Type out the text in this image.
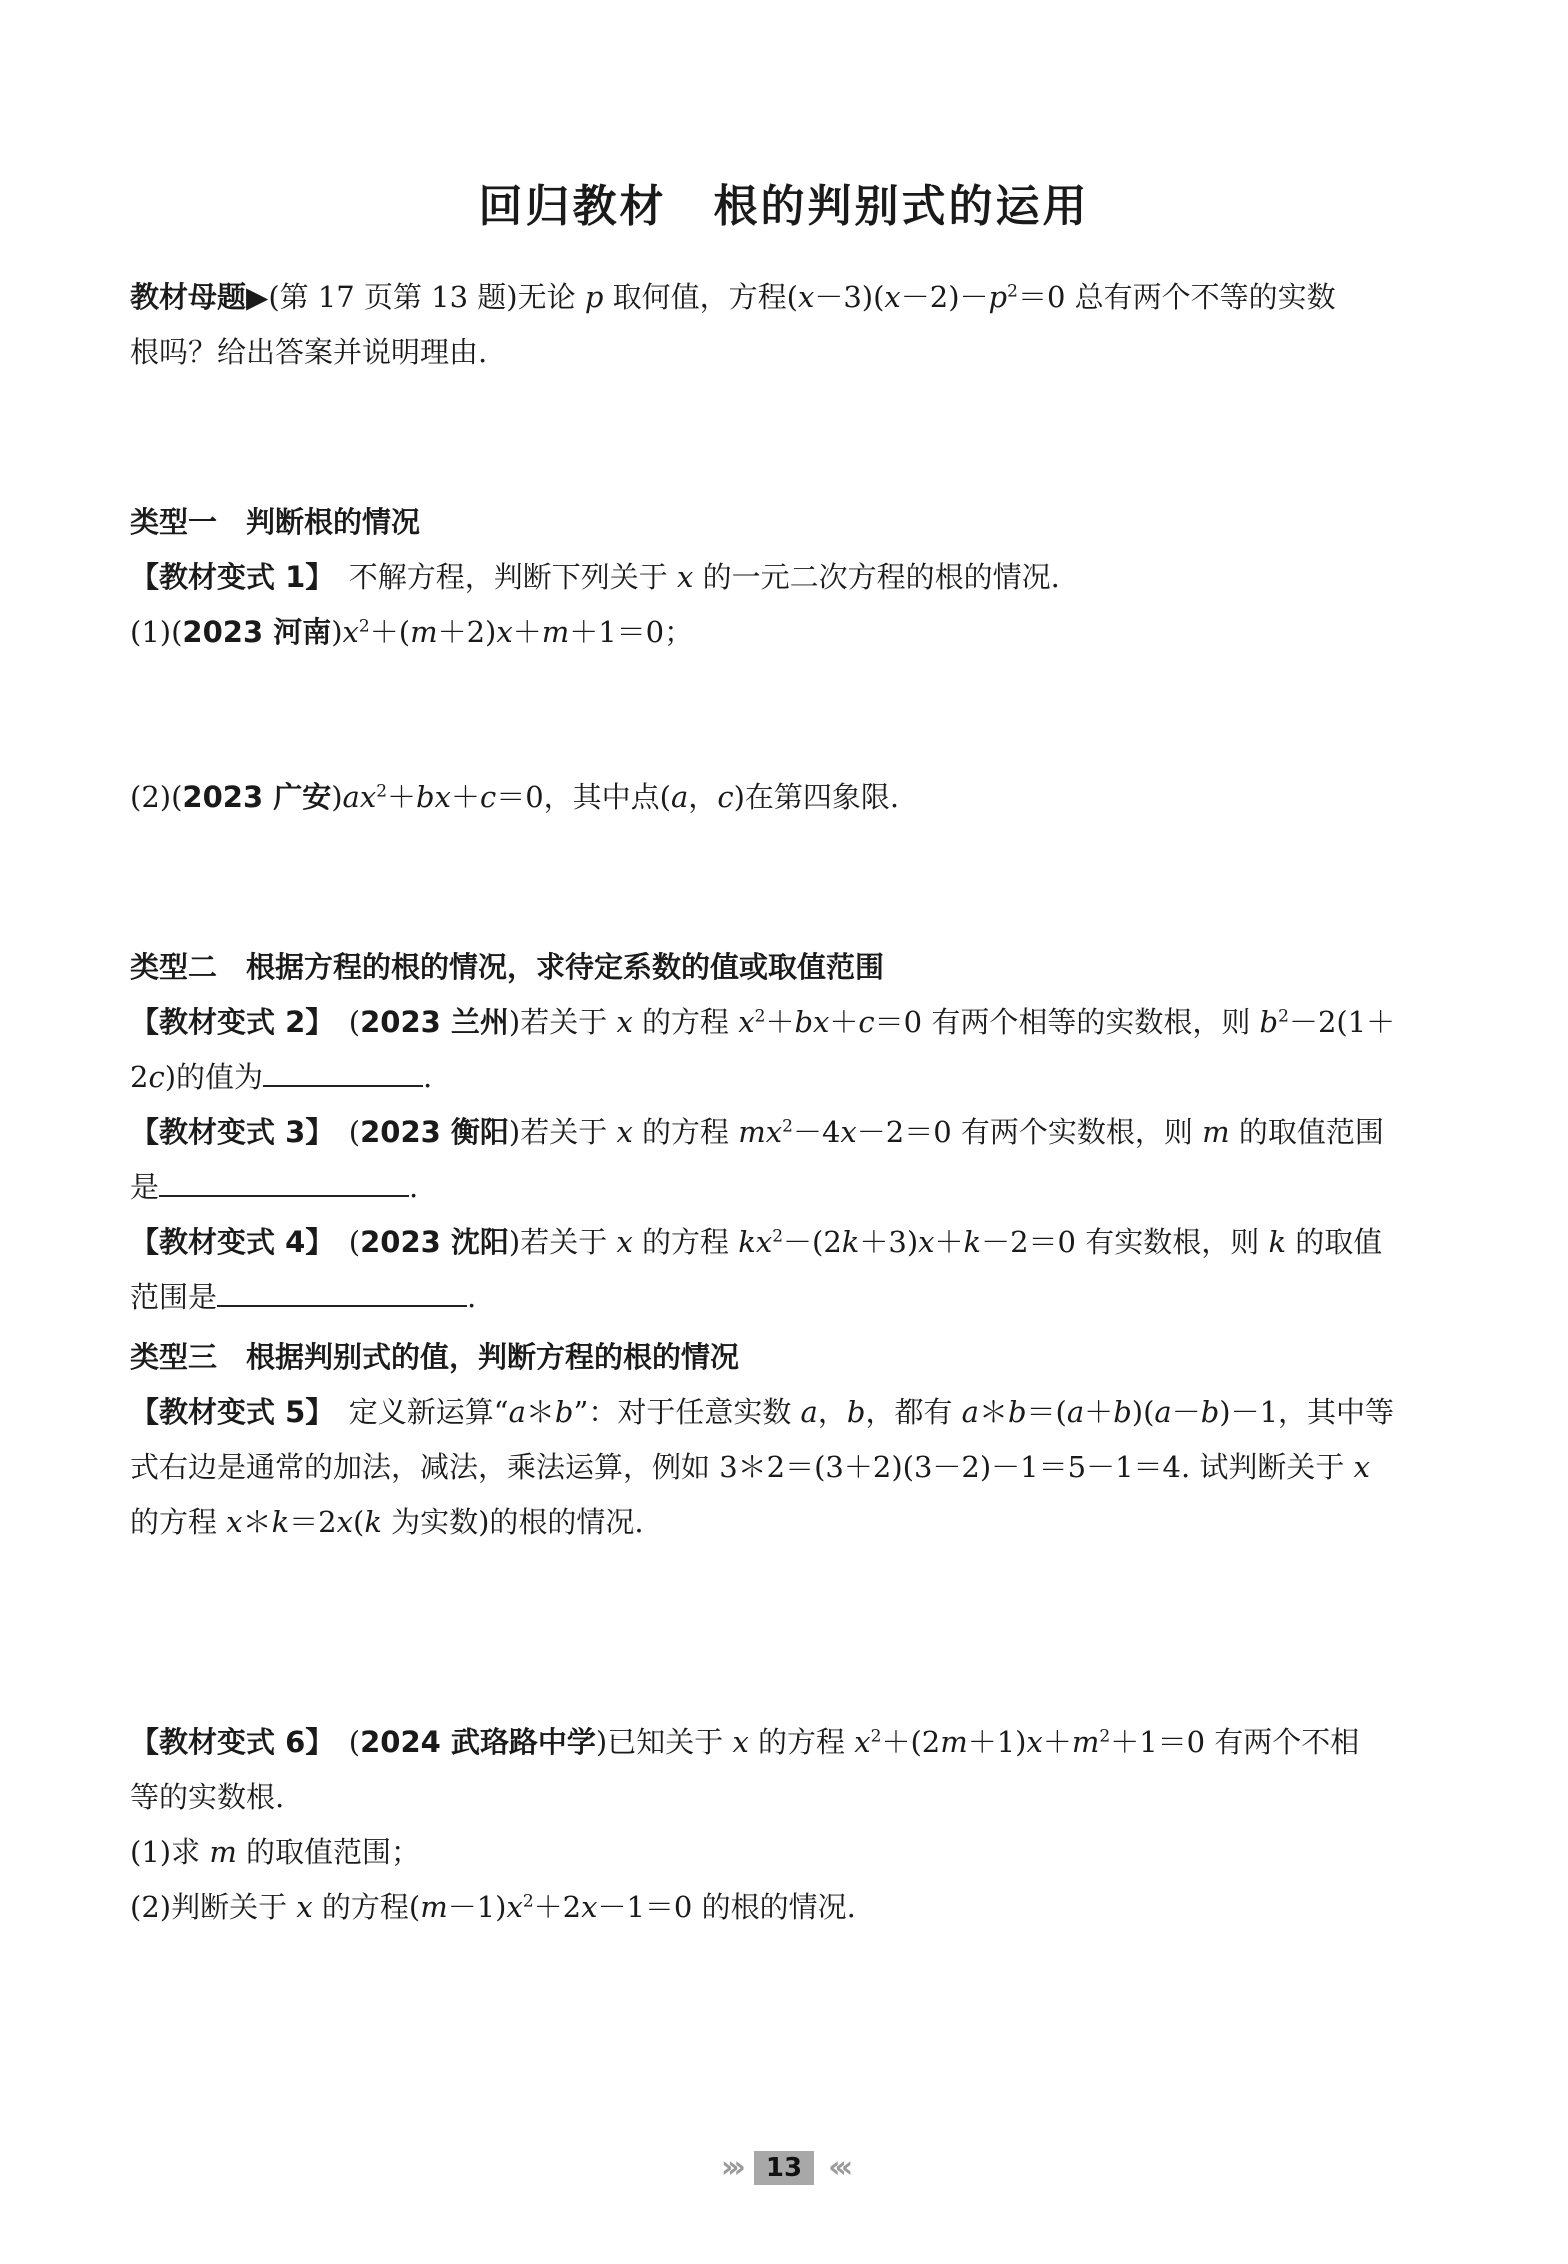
回归教材　根的判别式的运用

教材母题▶(第 17 页第 13 题)无论 p 取何值，方程$(x-3)(x-2)-p^2=0$ 总有两个不等的实数

根吗？给出答案并说明理由.

类型一　判断根的情况

【教材变式 1】　不解方程，判断下列关于 x 的一元二次方程的根的情况.

(1)(2023 河南)$x^2+(m+2)x+m+1=0$；

(2)(2023 广安)$ax^2+bx+c=0$，其中点(a，c)在第四象限.

类型二　根据方程的根的情况，求待定系数的值或取值范围

【教材变式 2】　(2023 兰州)若关于 x 的方程 $x^2+bx+c=0$ 有两个相等的实数根，则 $b^2-2(1+$

2c)的值为	.

【教材变式 3】　(2023 衡阳)若关于 x 的方程 $mx^2-4x-2=0$ 有两个实数根，则 m 的取值范围

是	.

【教材变式 4】　(2023 沈阳)若关于 x 的方程 $kx^2-(2k+3)x+k-2=0$ 有实数根，则 k 的取值

范围是	.

类型三　根据判别式的值，判断方程的根的情况

【教材变式 5】　定义新运算“a＊b”：对于任意实数 a，b，都有 a＊b＝(a＋b)(a－b)－1，其中等

式右边是通常的加法，减法，乘法运算，例如 3＊2＝(3＋2)(3－2)－1＝5－1＝4. 试判断关于 x

的方程 x＊k＝2x(k 为实数)的根的情况.

【教材变式 6】　(2024 武珞路中学)已知关于 x 的方程 $x^2+(2m+1)x+m^2+1=0$ 有两个不相

等的实数根.

(1)求 m 的取值范围；

(2)判断关于 x 的方程$(m-1)x^2+2x-1=0$ 的根的情况.

››› 13 ‹‹‹
